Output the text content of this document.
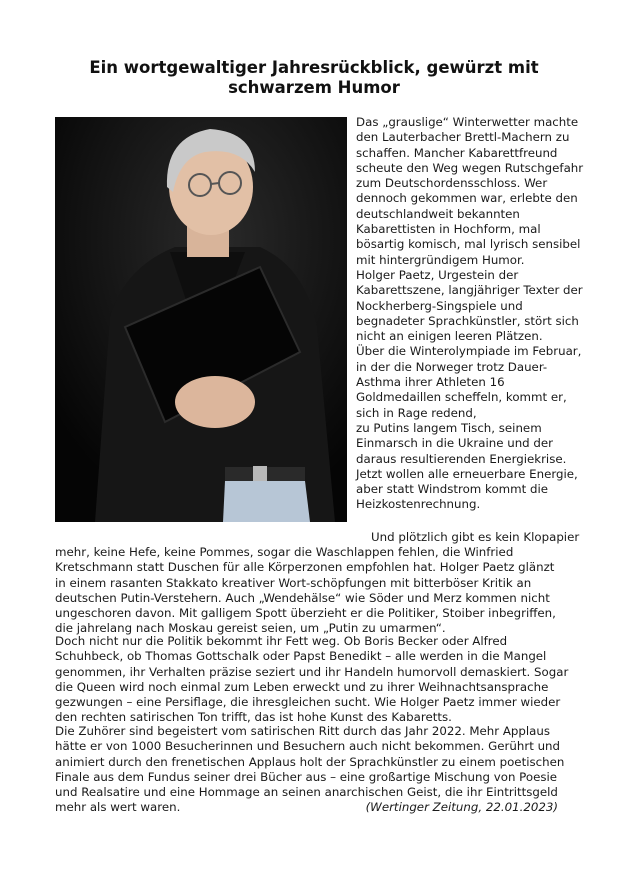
Ein wortgewaltiger Jahresrückblick, gewürzt mit
schwarzem Humor

Das „grauslige“ Winterwetter machte den Lauterbacher Brettl-Machern zu schaffen. Mancher Kabarettfreund scheute den Weg wegen Rutschgefahr zum Deutschordensschloss. Wer dennoch gekommen war, erlebte den deutschlandweit bekannten Kabarettisten in Hochform, mal bösartig komisch, mal lyrisch sensibel mit hintergründigem Humor.

Holger Paetz, Urgestein der Kabarettszene, langjähriger Texter der Nockherberg-Singspiele und begnadeter Sprachkünstler, stört sich nicht an einigen leeren Plätzen.

Über die Winterolympiade im Februar, in der die Norweger trotz Dauer-Asthma ihrer Athleten 16 Goldmedaillen scheffeln, kommt er, sich in Rage redend,

zu Putins langem Tisch, seinem Einmarsch in die Ukraine und der daraus resultierenden Energiekrise. Jetzt wollen alle erneuerbare Energie, aber statt Windstrom kommt die Heizkostenrechnung.

Und plötzlich gibt es kein Klopapier

mehr, keine Hefe, keine Pommes, sogar die Waschlappen fehlen, die Winfried
Kretschmann statt Duschen für alle Körperzonen empfohlen hat. Holger Paetz glänzt
in einem rasanten Stakkato kreativer Wort-schöpfungen mit bitterböser Kritik an
deutschen Putin-Verstehern. Auch „Wendehälse“ wie Söder und Merz kommen nicht
ungeschoren davon. Mit galligem Spott überzieht er die Politiker, Stoiber inbegriffen,
die jahrelang nach Moskau gereist seien, um „Putin zu umarmen“.
Doch nicht nur die Politik bekommt ihr Fett weg. Ob Boris Becker oder Alfred
Schuhbeck, ob Thomas Gottschalk oder Papst Benedikt – alle werden in die Mangel
genommen, ihr Verhalten präzise seziert und ihr Handeln humorvoll demaskiert. Sogar
die Queen wird noch einmal zum Leben erweckt und zu ihrer Weihnachtsansprache
gezwungen – eine Persiflage, die ihresgleichen sucht. Wie Holger Paetz immer wieder
den rechten satirischen Ton trifft, das ist hohe Kunst des Kabaretts.
Die Zuhörer sind begeistert vom satirischen Ritt durch das Jahr 2022. Mehr Applaus
hätte er von 1000 Besucherinnen und Besuchern auch nicht bekommen. Gerührt und
animiert durch den frenetischen Applaus holt der Sprachkünstler zu einem poetischen
Finale aus dem Fundus seiner drei Bücher aus – eine großartige Mischung von Poesie
und Realsatire und eine Hommage an seinen anarchischen Geist, die ihr Eintrittsgeld
mehr als wert waren.	(Wertinger Zeitung, 22.01.2023)
